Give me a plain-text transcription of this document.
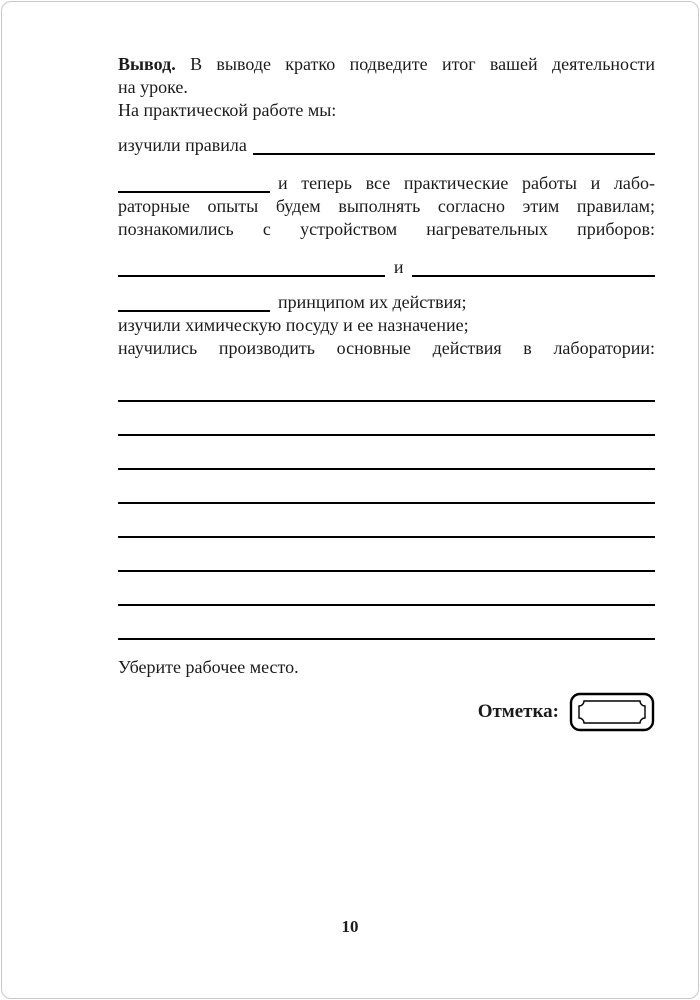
Вывод. В выводе кратко подведите итог вашей деятельности
на уроке.
На практической работе мы:
изучили правила
и теперь все практические работы и лабо-
раторные опыты будем выполнять согласно этим правилам;
познакомились с устройством нагревательных приборов:
и
принципом их действия;
изучили химическую посуду и ее назначение;
научились производить основные действия в лаборатории:
Уберите рабочее место.
Отметка:
10
